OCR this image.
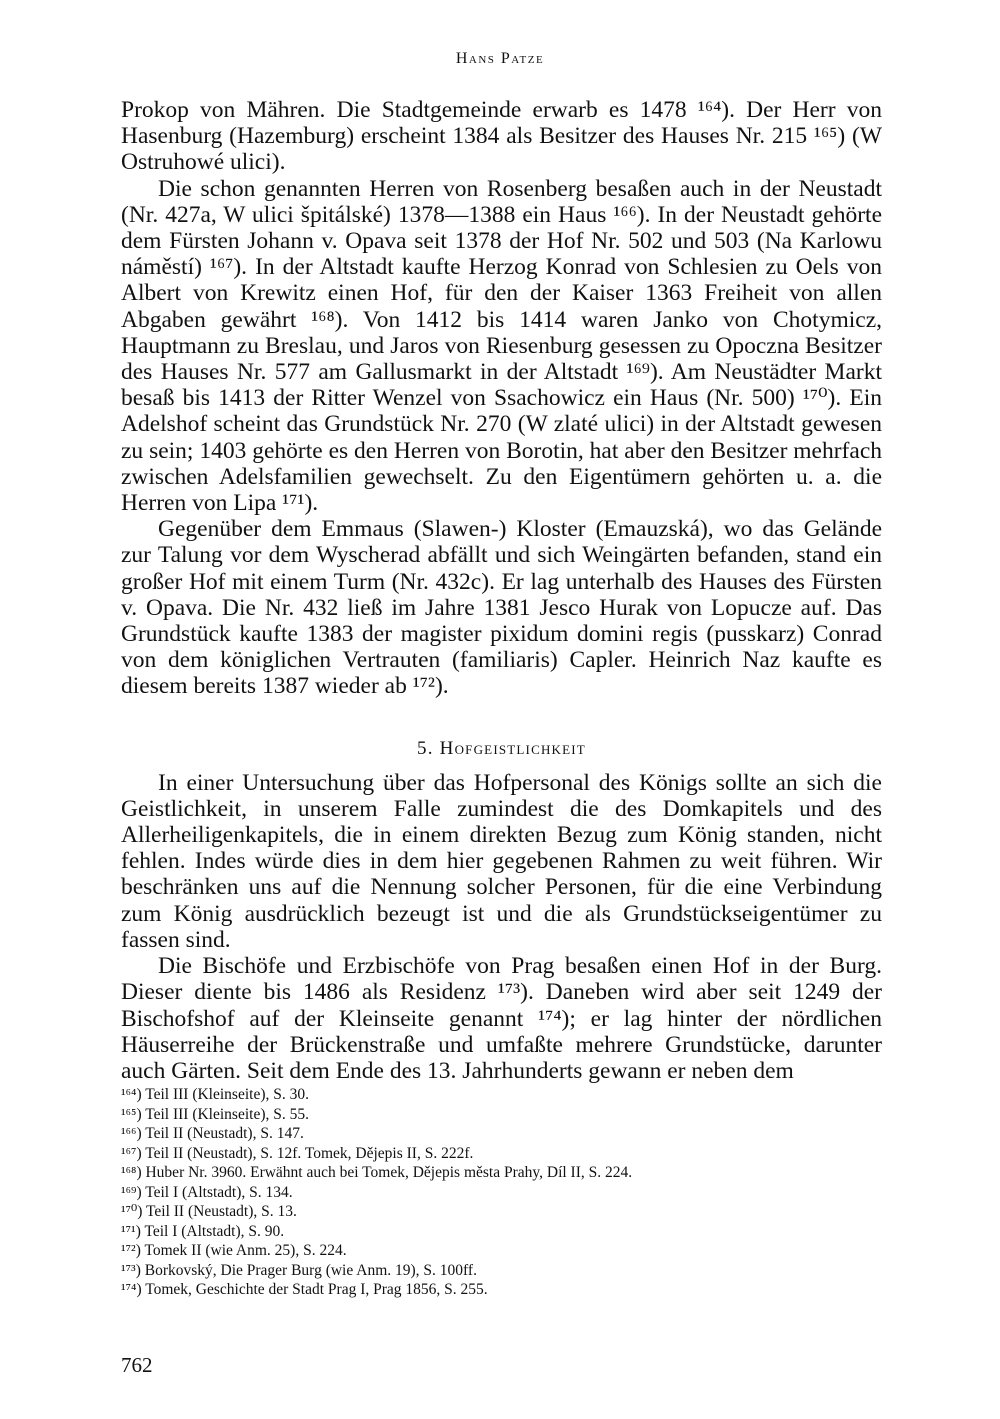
Hans Patze

Prokop von Mähren. Die Stadtgemeinde erwarb es 1478 ¹⁶⁴). Der Herr von Hasenburg (Hazemburg) erscheint 1384 als Besitzer des Hauses Nr. 215 ¹⁶⁵) (W Ostruhowé ulici).

Die schon genannten Herren von Rosenberg besaßen auch in der Neustadt (Nr. 427a, W ulici špitálské) 1378—1388 ein Haus ¹⁶⁶). In der Neustadt gehörte dem Fürsten Johann v. Opava seit 1378 der Hof Nr. 502 und 503 (Na Karlowu náměstí) ¹⁶⁷). In der Altstadt kaufte Herzog Konrad von Schlesien zu Oels von Albert von Krewitz einen Hof, für den der Kaiser 1363 Freiheit von allen Abgaben gewährt ¹⁶⁸). Von 1412 bis 1414 waren Janko von Chotymicz, Hauptmann zu Breslau, und Jaros von Riesenburg gesessen zu Opoczna Besitzer des Hauses Nr. 577 am Gallusmarkt in der Altstadt ¹⁶⁹). Am Neustädter Markt besaß bis 1413 der Ritter Wenzel von Ssachowicz ein Haus (Nr. 500) ¹⁷⁰). Ein Adelshof scheint das Grundstück Nr. 270 (W zlaté ulici) in der Altstadt gewesen zu sein; 1403 gehörte es den Herren von Borotin, hat aber den Besitzer mehrfach zwischen Adelsfamilien gewechselt. Zu den Eigentümern gehörten u. a. die Herren von Lipa ¹⁷¹).

Gegenüber dem Emmaus (Slawen-) Kloster (Emauzská), wo das Gelände zur Talung vor dem Wyscherad abfällt und sich Weingärten befanden, stand ein großer Hof mit einem Turm (Nr. 432c). Er lag unterhalb des Hauses des Fürsten v. Opava. Die Nr. 432 ließ im Jahre 1381 Jesco Hurak von Lopucze auf. Das Grundstück kaufte 1383 der magister pixidum domini regis (pusskarz) Conrad von dem königlichen Vertrauten (familiaris) Capler. Heinrich Naz kaufte es diesem bereits 1387 wieder ab ¹⁷²).

5. Hofgeistlichkeit

In einer Untersuchung über das Hofpersonal des Königs sollte an sich die Geistlichkeit, in unserem Falle zumindest die des Domkapitels und des Allerheiligenkapitels, die in einem direkten Bezug zum König standen, nicht fehlen. Indes würde dies in dem hier gegebenen Rahmen zu weit führen. Wir beschränken uns auf die Nennung solcher Personen, für die eine Verbindung zum König ausdrücklich bezeugt ist und die als Grundstückseigentümer zu fassen sind.

Die Bischöfe und Erzbischöfe von Prag besaßen einen Hof in der Burg. Dieser diente bis 1486 als Residenz ¹⁷³). Daneben wird aber seit 1249 der Bischofshof auf der Kleinseite genannt ¹⁷⁴); er lag hinter der nördlichen Häuserreihe der Brückenstraße und umfaßte mehrere Grundstücke, darunter auch Gärten. Seit dem Ende des 13. Jahrhunderts gewann er neben dem

¹⁶⁴) Teil III (Kleinseite), S. 30.

¹⁶⁵) Teil III (Kleinseite), S. 55.

¹⁶⁶) Teil II (Neustadt), S. 147.

¹⁶⁷) Teil II (Neustadt), S. 12f. Tomek, Dějepis II, S. 222f.

¹⁶⁸) Huber Nr. 3960. Erwähnt auch bei Tomek, Dějepis města Prahy, Díl II, S. 224.

¹⁶⁹) Teil I (Altstadt), S. 134.

¹⁷⁰) Teil II (Neustadt), S. 13.

¹⁷¹) Teil I (Altstadt), S. 90.

¹⁷²) Tomek II (wie Anm. 25), S. 224.

¹⁷³) Borkovský, Die Prager Burg (wie Anm. 19), S. 100ff.

¹⁷⁴) Tomek, Geschichte der Stadt Prag I, Prag 1856, S. 255.

762
